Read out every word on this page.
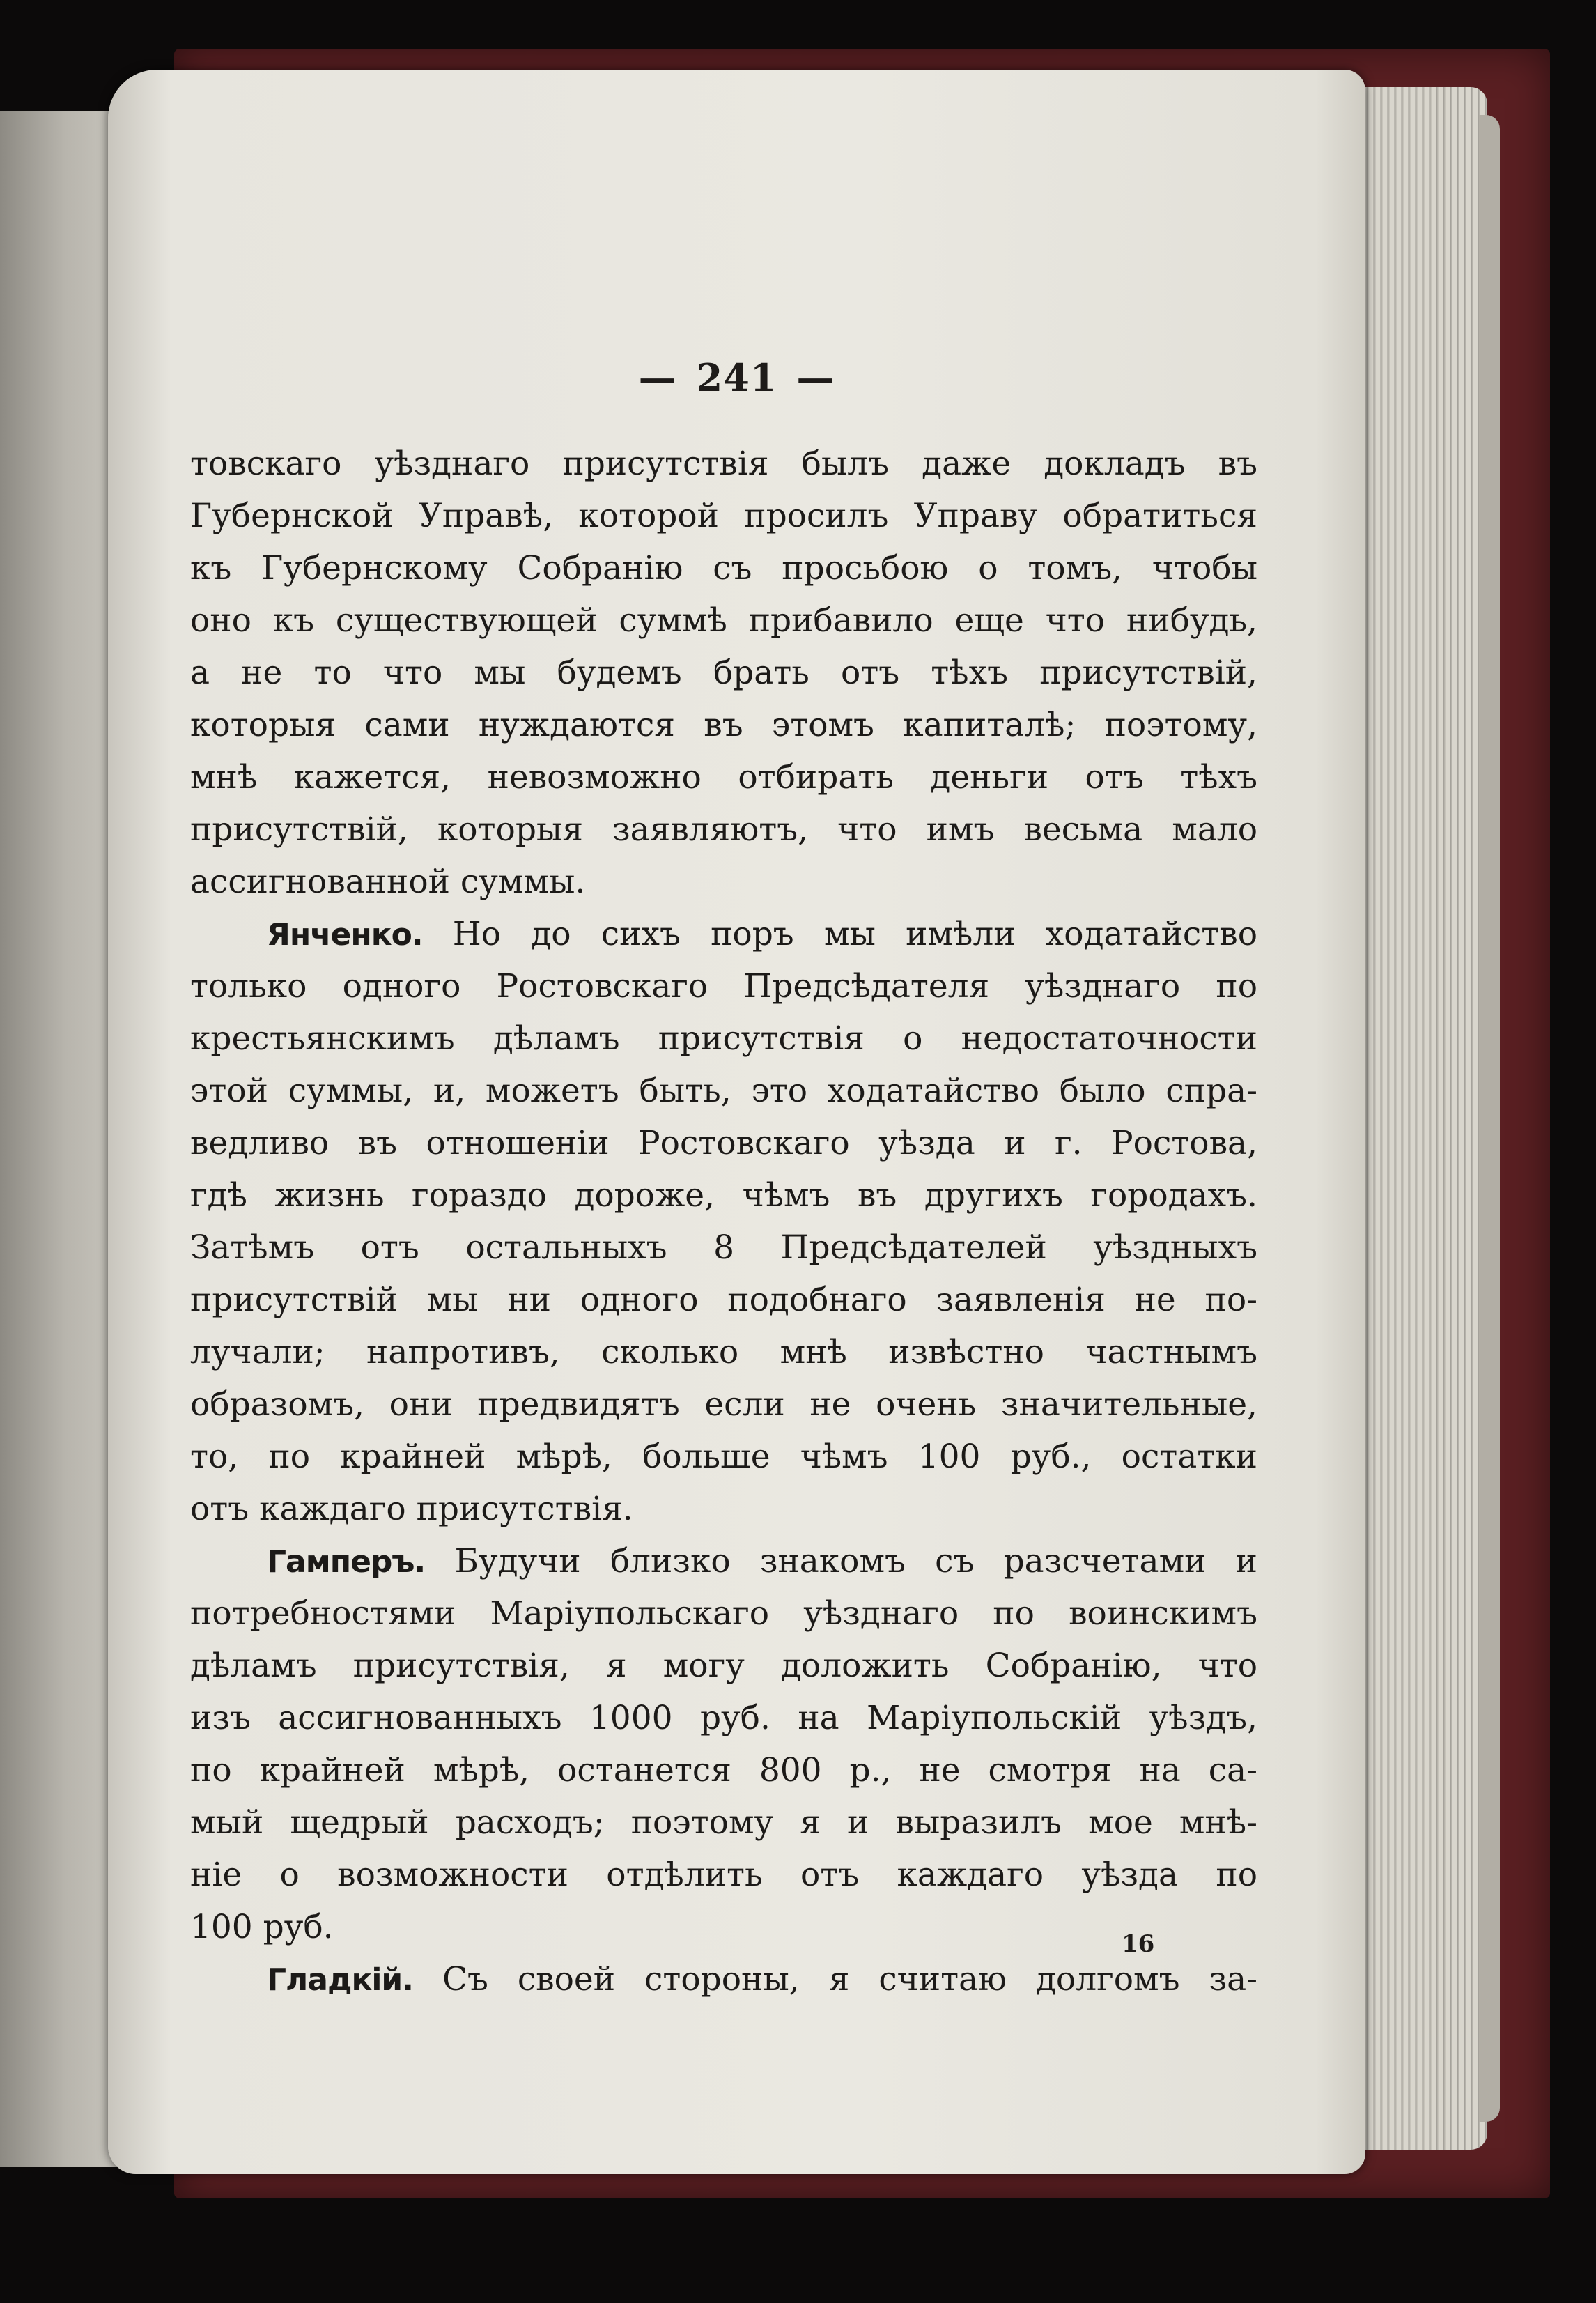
— 241 —
товскаго уѣзднаго присутствія былъ даже докладъ въ
Губернской Управѣ, которой просилъ Управу обратиться
къ Губернскому Собранію съ просьбою о томъ, чтобы
оно къ существующей суммѣ прибавило еще что нибудь,
а не то что мы будемъ брать отъ тѣхъ присутствій,
которыя сами нуждаются въ этомъ капиталѣ; поэтому,
мнѣ кажется, невозможно отбирать деньги отъ тѣхъ
присутствій, которыя заявляютъ, что имъ весьма мало
ассигнованной суммы.
Янченко. Но до сихъ поръ мы имѣли ходатайство
только одного Ростовскаго Предсѣдателя уѣзднаго по
крестьянскимъ дѣламъ присутствія о недостаточности
этой суммы, и, можетъ быть, это ходатайство было спра-
ведливо въ отношеніи Ростовскаго уѣзда и г. Ростова,
гдѣ жизнь гораздо дороже, чѣмъ въ другихъ городахъ.
Затѣмъ отъ остальныхъ 8 Предсѣдателей уѣздныхъ
присутствій мы ни одного подобнаго заявленія не по-
лучали; напротивъ, сколько мнѣ извѣстно частнымъ
образомъ, они предвидятъ если не очень значительные,
то, по крайней мѣрѣ, больше чѣмъ 100 руб., остатки
отъ каждаго присутствія.
Гамперъ. Будучи близко знакомъ съ разсчетами и
потребностями Маріупольскаго уѣзднаго по воинскимъ
дѣламъ присутствія, я могу доложить Собранію, что
изъ ассигнованныхъ 1000 руб. на Маріупольскій уѣздъ,
по крайней мѣрѣ, останется 800 р., не смотря на са-
мый щедрый расходъ; поэтому я и выразилъ мое мнѣ-
ніе о возможности отдѣлить отъ каждаго уѣзда по
100 руб.
Гладкій. Съ своей стороны, я считаю долгомъ за-
16
